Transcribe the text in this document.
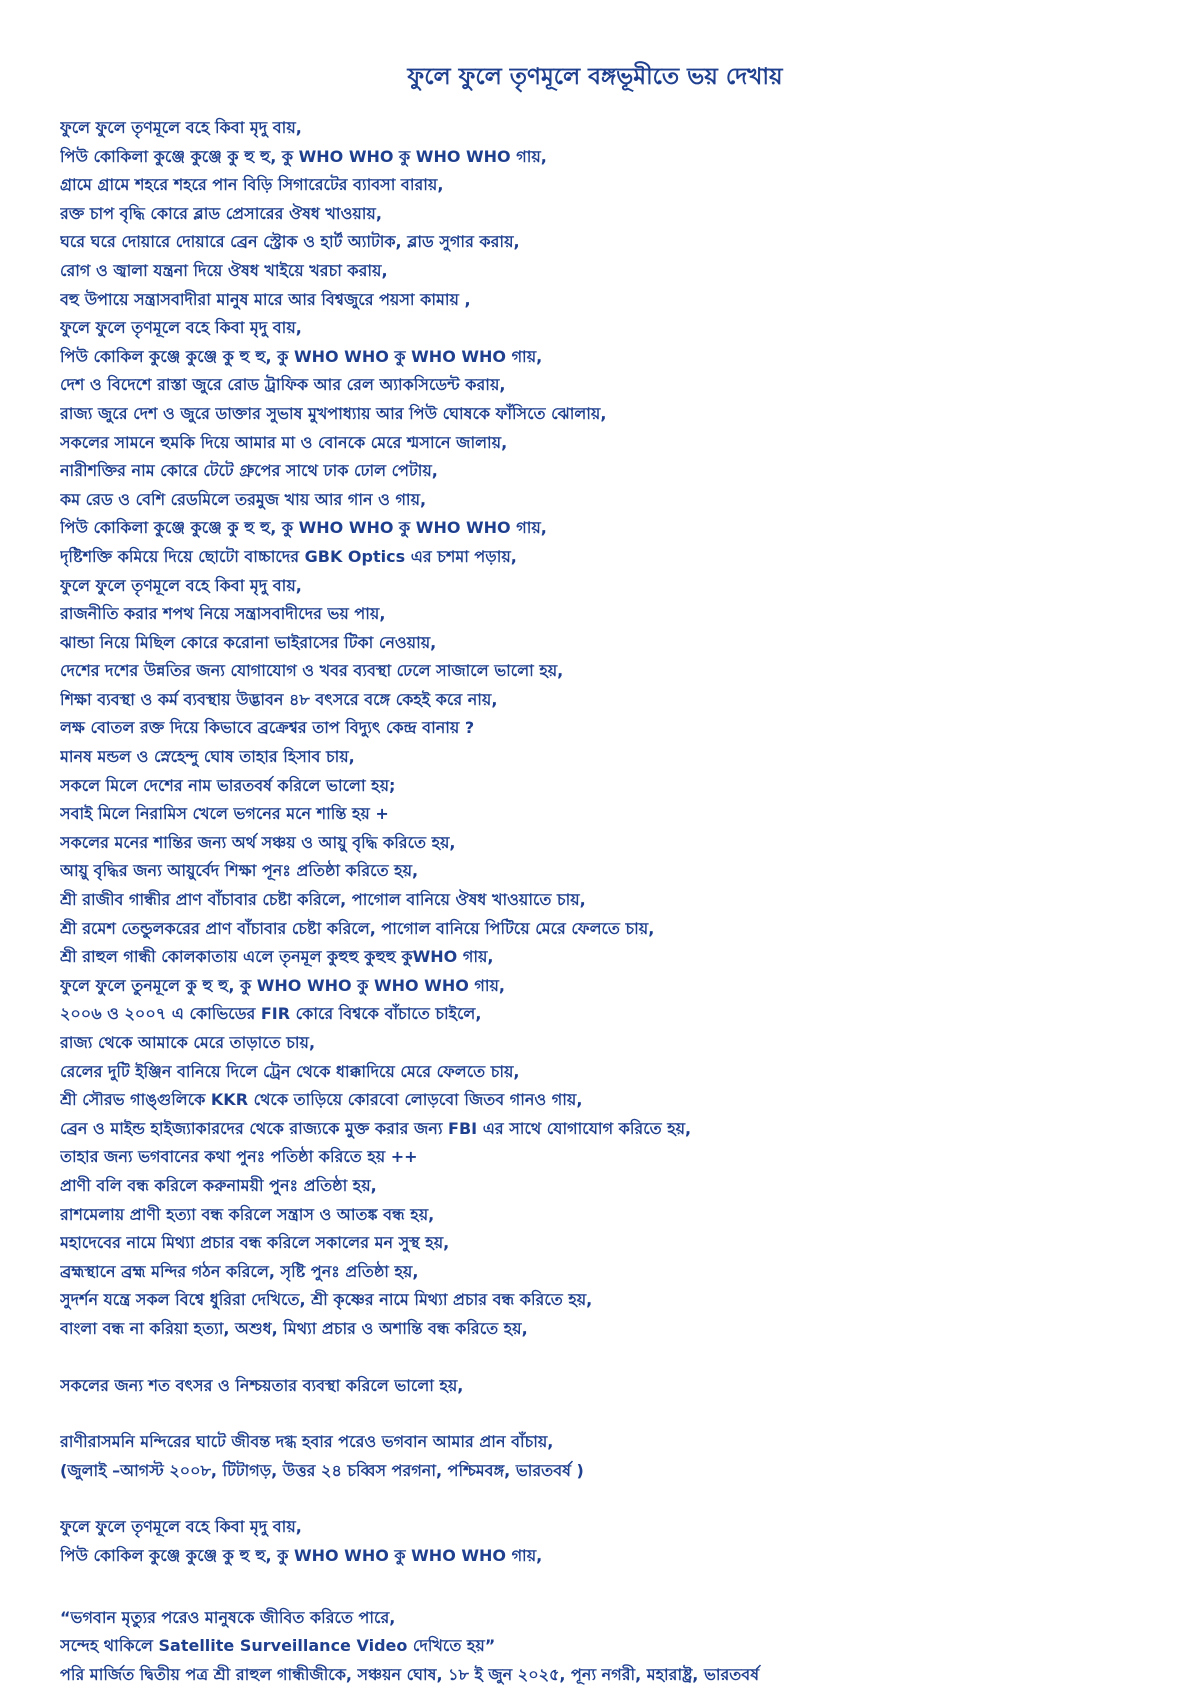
ফুলে ফুলে তৃণমূলে বঙ্গভূমীতে ভয় দেখায়
ফুলে ফুলে তৃণমূলে বহে কিবা মৃদু বায়,
পিউ কোকিলা কুঞ্জে কুঞ্জে কু হু হু, কু WHO WHO কু WHO WHO গায়,
গ্রামে গ্রামে শহরে শহরে পান বিড়ি সিগারেটের ব্যাবসা বারায়,
রক্ত চাপ বৃদ্ধি কোরে ব্লাড প্রেসারের ঔষধ খাওয়ায়,
ঘরে ঘরে দোয়ারে দোয়ারে ব্রেন স্ট্রোক ও হার্ট অ্যাটাক, ব্লাড সুগার করায়,
রোগ ও জ্বালা যন্ত্রনা দিয়ে ঔষধ খাইয়ে খরচা করায়,
বহু উপায়ে সন্ত্রাসবাদীরা মানুষ মারে আর বিশ্বজুরে পয়সা কামায় ,
ফুলে ফুলে তৃণমূলে বহে কিবা মৃদু বায়,
পিউ কোকিল কুঞ্জে কুঞ্জে কু হু হু, কু WHO WHO কু WHO WHO গায়,
দেশ ও বিদেশে রাস্তা জুরে রোড ট্রাফিক আর রেল অ্যাকসিডেন্ট করায়,
রাজ্য জুরে দেশ ও জুরে ডাক্তার সুভাষ মুখপাধ্যায় আর পিউ ঘোষকে ফাঁসিতে ঝোলায়,
সকলের সামনে হুমকি দিয়ে আমার মা ও বোনকে মেরে শ্মসানে জালায়,
নারীশক্তির নাম কোরে টেটে গ্রুপের সাথে ঢাক ঢোল পেটায়,
কম রেড ও বেশি রেডমিলে তরমুজ খায় আর গান ও গায়,
পিউ কোকিলা কুঞ্জে কুঞ্জে কু হু হু, কু WHO WHO কু WHO WHO গায়,
দৃষ্টিশক্তি কমিয়ে দিয়ে ছোটো বাচ্চাদের GBK Optics এর চশমা পড়ায়,
ফুলে ফুলে তৃণমূলে বহে কিবা মৃদু বায়,
রাজনীতি করার শপথ নিয়ে সন্ত্রাসবাদীদের ভয় পায়,
ঝান্ডা নিয়ে মিছিল কোরে করোনা ভাইরাসের টিকা নেওয়ায়,
দেশের দশের উন্নতির জন্য যোগাযোগ ও খবর ব্যবস্থা ঢেলে সাজালে ভালো হয়,
শিক্ষা ব্যবস্থা ও কর্ম ব্যবস্থায় উদ্ভাবন ৪৮ বৎসরে বঙ্গে কেহই করে নায়,
লক্ষ বোতল রক্ত দিয়ে কিভাবে ব্রক্রেশ্বর তাপ বিদ্যুৎ কেন্দ্র বানায় ?
মানষ মন্ডল ও স্নেহেন্দু ঘোষ তাহার হিসাব চায়,
সকলে মিলে দেশের নাম ভারতবর্ষ করিলে ভালো হয়;
সবাই মিলে নিরামিস খেলে ভগনের মনে শান্তি হয় +
সকলের মনের শান্তির জন্য অর্থ সঞ্চয় ও আয়ু বৃদ্ধি করিতে হয়,
আয়ু বৃদ্ধির জন্য আয়ুর্বেদ শিক্ষা পূনঃ প্রতিষ্ঠা করিতে হয়,
শ্রী রাজীব গান্ধীর প্রাণ বাঁচাবার চেষ্টা করিলে, পাগোল বানিয়ে ঔষধ খাওয়াতে চায়,
শ্রী রমেশ তেন্ডুলকরের প্রাণ বাঁচাবার চেষ্টা করিলে, পাগোল বানিয়ে পিটিয়ে মেরে ফেলতে চায়,
শ্রী রাহুল গান্ধী কোলকাতায় এলে তৃনমূল কুহুহু কুহুহু কুWHO গায়,
ফুলে ফুলে তুনমূলে কু হু হু, কু WHO WHO কু WHO WHO গায়,
২০০৬ ও ২০০৭ এ কোভিডের FIR কোরে বিশ্বকে বাঁচাতে চাইলে,
রাজ্য থেকে আমাকে মেরে তাড়াতে চায়,
রেলের দুটি ইঞ্জিন বানিয়ে দিলে ট্রেন থেকে ধাক্কাদিয়ে মেরে ফেলতে চায়,
শ্রী সৌরভ গাঙ্গুলিকে KKR থেকে তাড়িয়ে কোরবো লোড়বো জিতব গানও গায়,
ব্রেন ও মাইন্ড হাইজ্যাকারদের থেকে রাজ্যকে মুক্ত করার জন্য FBI এর সাথে যোগাযোগ করিতে হয়,
তাহার জন্য ভগবানের কথা পুনঃ পতিষ্ঠা করিতে হয় ++
প্রাণী বলি বন্ধ করিলে করুনাময়ী পুনঃ প্রতিষ্ঠা হয়,
রাশমেলায় প্রাণী হত্যা বন্ধ করিলে সন্ত্রাস ও আতঙ্ক বন্ধ হয়,
মহাদেবের নামে মিথ্যা প্রচার বন্ধ করিলে সকালের মন সুস্থ হয়,
ব্রহ্মস্থানে ব্রহ্ম মন্দির গঠন করিলে, সৃষ্টি পুনঃ প্রতিষ্ঠা হয়,
সুদর্শন যন্ত্রে সকল বিশ্বে ধুরিরা দেখিতে, শ্রী কৃষ্ণের নামে মিথ্যা প্রচার বন্ধ করিতে হয়,
বাংলা বন্ধ না করিয়া হত্যা, অশুধ, মিথ্যা প্রচার ও অশান্তি বন্ধ করিতে হয়,
সকলের জন্য শত বৎসর ও নিশ্চয়তার ব্যবস্থা করিলে ভালো হয়,
রাণীরাসমনি মন্দিরের ঘাটে জীবন্ত দগ্ধ হবার পরেও ভগবান আমার প্রান বাঁচায়,
(জুলাই –আগস্ট ২০০৮, টিটাগড়, উত্তর ২৪ চব্বিস পরগনা, পশ্চিমবঙ্গ, ভারতবর্ষ )
ফুলে ফুলে তৃণমূলে বহে কিবা মৃদু বায়,
পিউ কোকিল কুঞ্জে কুঞ্জে কু হু হু, কু WHO WHO কু WHO WHO গায়,
“ভগবান মৃত্যুর পরেও মানুষকে জীবিত করিতে পারে,
সন্দেহ থাকিলে Satellite Surveillance Video দেখিতে হয়”
পরি মার্জিত দ্বিতীয় পত্র শ্রী রাহুল গান্ধীজীকে, সঞ্চয়ন ঘোষ, ১৮ ই জুন ২০২৫, পূন্য নগরী, মহারাষ্ট্র, ভারতবর্ষ
